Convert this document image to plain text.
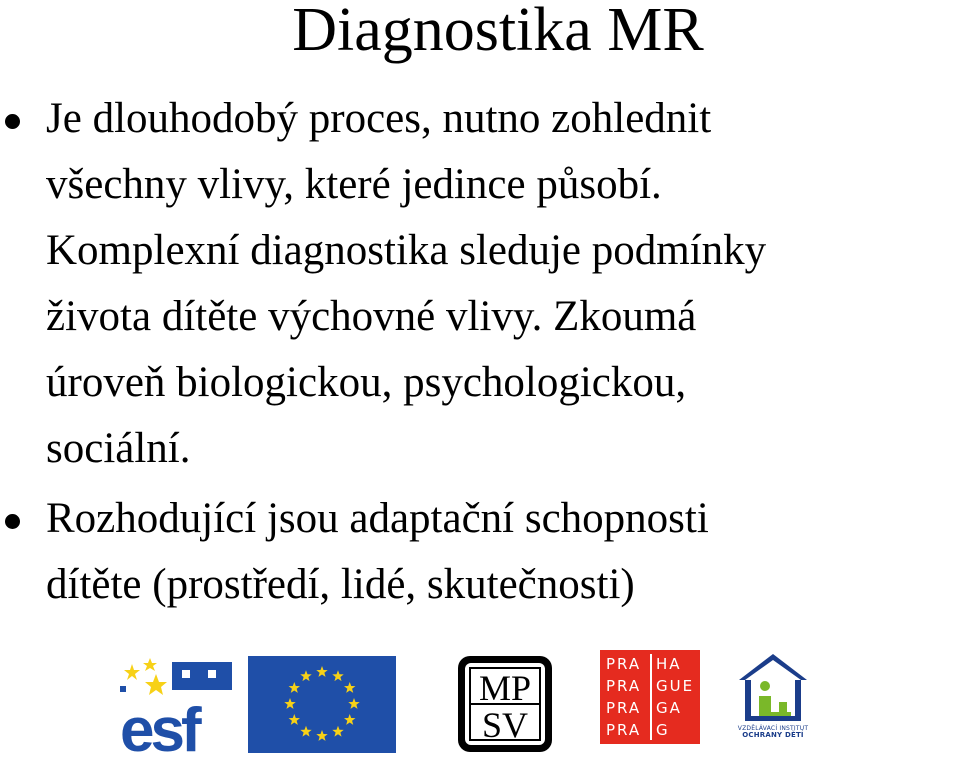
Diagnostika MR
Je dlouhodobý proces, nutno zohlednit
všechny vlivy, které jedince působí.
Komplexní diagnostika sleduje podmínky
života dítěte výchovné vlivy. Zkoumá
úroveň biologickou, psychologickou,
sociální.
Rozhodující jsou adaptační schopnosti
dítěte (prostředí, lidé, skutečnosti)
esf
MP
SV
PRA
PRA
PRA
PRA
HA
GUE
GA
G	VZDĚLÁVACÍ INSTITUT
OCHRANY DĚTÍ
